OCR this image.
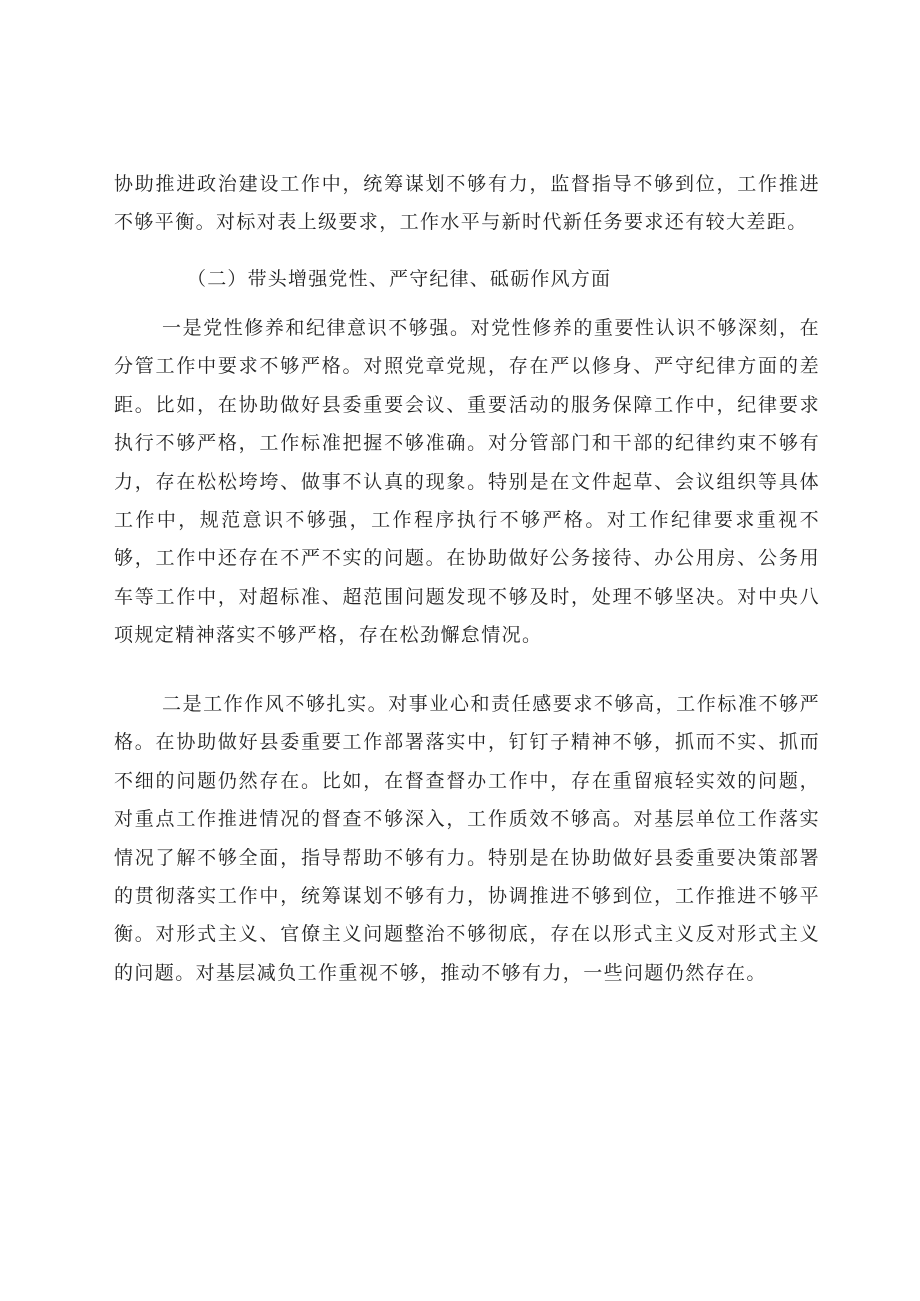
协助推进政治建设工作中，统筹谋划不够有力，监督指导不够到位，工作推进不够平衡。对标对表上级要求，工作水平与新时代新任务要求还有较大差距。

（二）带头增强党性、严守纪律、砥砺作风方面

一是党性修养和纪律意识不够强。对党性修养的重要性认识不够深刻，在分管工作中要求不够严格。对照党章党规，存在严以修身、严守纪律方面的差距。比如，在协助做好县委重要会议、重要活动的服务保障工作中，纪律要求执行不够严格，工作标准把握不够准确。对分管部门和干部的纪律约束不够有力，存在松松垮垮、做事不认真的现象。特别是在文件起草、会议组织等具体工作中，规范意识不够强，工作程序执行不够严格。对工作纪律要求重视不够，工作中还存在不严不实的问题。在协助做好公务接待、办公用房、公务用车等工作中，对超标准、超范围问题发现不够及时，处理不够坚决。对中央八项规定精神落实不够严格，存在松劲懈怠情况。

二是工作作风不够扎实。对事业心和责任感要求不够高，工作标准不够严格。在协助做好县委重要工作部署落实中，钉钉子精神不够，抓而不实、抓而不细的问题仍然存在。比如，在督查督办工作中，存在重留痕轻实效的问题，对重点工作推进情况的督查不够深入，工作质效不够高。对基层单位工作落实情况了解不够全面，指导帮助不够有力。特别是在协助做好县委重要决策部署的贯彻落实工作中，统筹谋划不够有力，协调推进不够到位，工作推进不够平衡。对形式主义、官僚主义问题整治不够彻底，存在以形式主义反对形式主义的问题。对基层减负工作重视不够，推动不够有力，一些问题仍然存在。
